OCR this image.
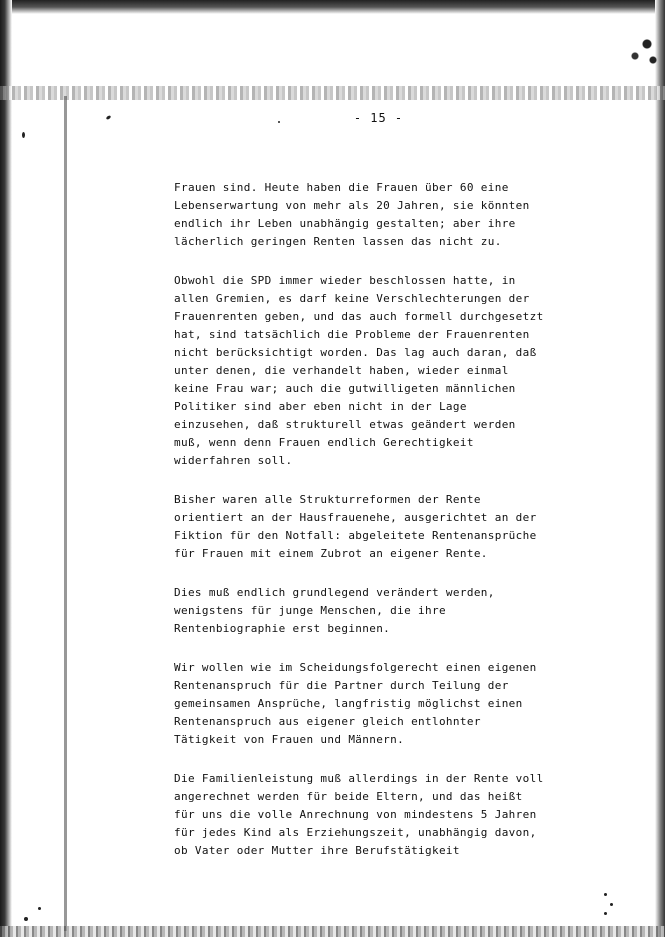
- 15 -
Frauen sind. Heute haben die Frauen über 60 eine
Lebenserwartung von mehr als 20 Jahren, sie könnten
endlich ihr Leben unabhängig gestalten; aber ihre
lächerlich geringen Renten lassen das nicht zu.
Obwohl die SPD immer wieder beschlossen hatte, in
allen Gremien, es darf keine Verschlechterungen der
Frauenrenten geben, und das auch formell durchgesetzt
hat, sind tatsächlich die Probleme der Frauenrenten
nicht berücksichtigt worden. Das lag auch daran, daß
unter denen, die verhandelt haben, wieder einmal
keine Frau war; auch die gutwilligeten männlichen
Politiker sind aber eben nicht in der Lage
einzusehen, daß strukturell etwas geändert werden
muß, wenn denn Frauen endlich Gerechtigkeit
widerfahren soll.
Bisher waren alle Strukturreformen der Rente
orientiert an der Hausfrauenehe, ausgerichtet an der
Fiktion für den Notfall: abgeleitete Rentenansprüche
für Frauen mit einem Zubrot an eigener Rente.
Dies muß endlich grundlegend verändert werden,
wenigstens für junge Menschen, die ihre
Rentenbiographie erst beginnen.
Wir wollen wie im Scheidungsfolgerecht einen eigenen
Rentenanspruch für die Partner durch Teilung der
gemeinsamen Ansprüche, langfristig möglichst einen
Rentenanspruch aus eigener gleich entlohnter
Tätigkeit von Frauen und Männern.
Die Familienleistung muß allerdings in der Rente voll
angerechnet werden für beide Eltern, und das heißt
für uns die volle Anrechnung von mindestens 5 Jahren
für jedes Kind als Erziehungszeit, unabhängig davon,
ob Vater oder Mutter ihre Berufstätigkeit
